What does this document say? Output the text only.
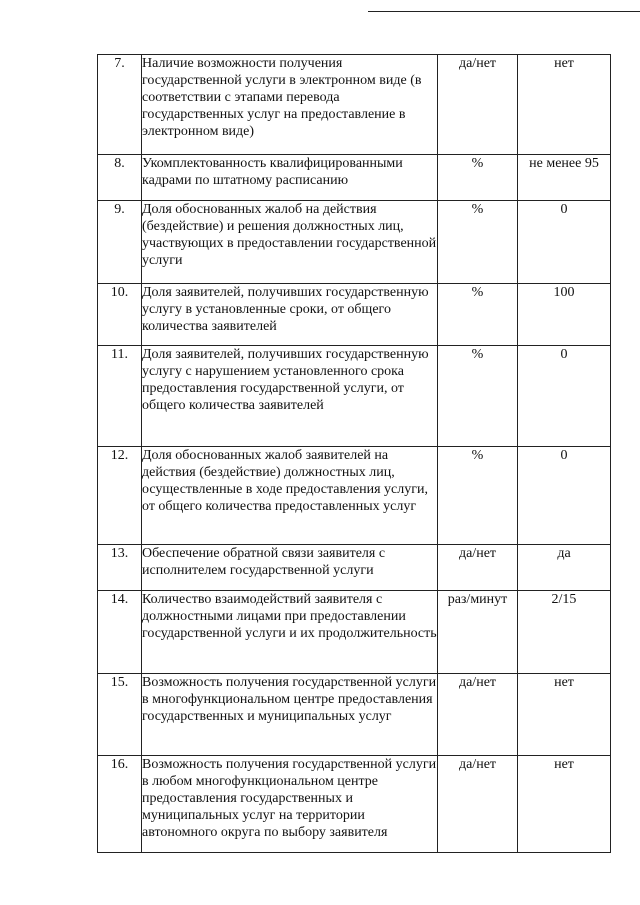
7.	Наличие возможности получения государственной услуги в электронном виде (в соответствии с этапами перевода государственных услуг на предоставление в электронном виде)	да/нет	нет
8.	Укомплектованность квалифицированными кадрами по штатному расписанию	%	не менее 95
9.	Доля обоснованных жалоб на действия (бездействие) и решения должностных лиц, участвующих в предоставлении государственной услуги	%	0
10.	Доля заявителей, получивших государственную услугу в установленные сроки, от общего количества заявителей	%	100
11.	Доля заявителей, получивших государственную услугу с нарушением установленного срока предоставления государственной услуги, от общего количества заявителей	%	0
12.	Доля обоснованных жалоб заявителей на действия (бездействие) должностных лиц, осуществленные в ходе предоставления услуги, от общего количества предоставленных услуг	%	0
13.	Обеспечение обратной связи заявителя с исполнителем государственной услуги	да/нет	да
14.	Количество взаимодействий заявителя с должностными лицами при предоставлении государственной услуги и их продолжительность	раз/минут	2/15
15.	Возможность получения государственной услуги в многофункциональном центре предоставления государственных и муниципальных услуг	да/нет	нет
16.	Возможность получения государственной услуги в любом многофункциональном центре предоставления государственных и муниципальных услуг на территории автономного округа по выбору заявителя	да/нет	нет
